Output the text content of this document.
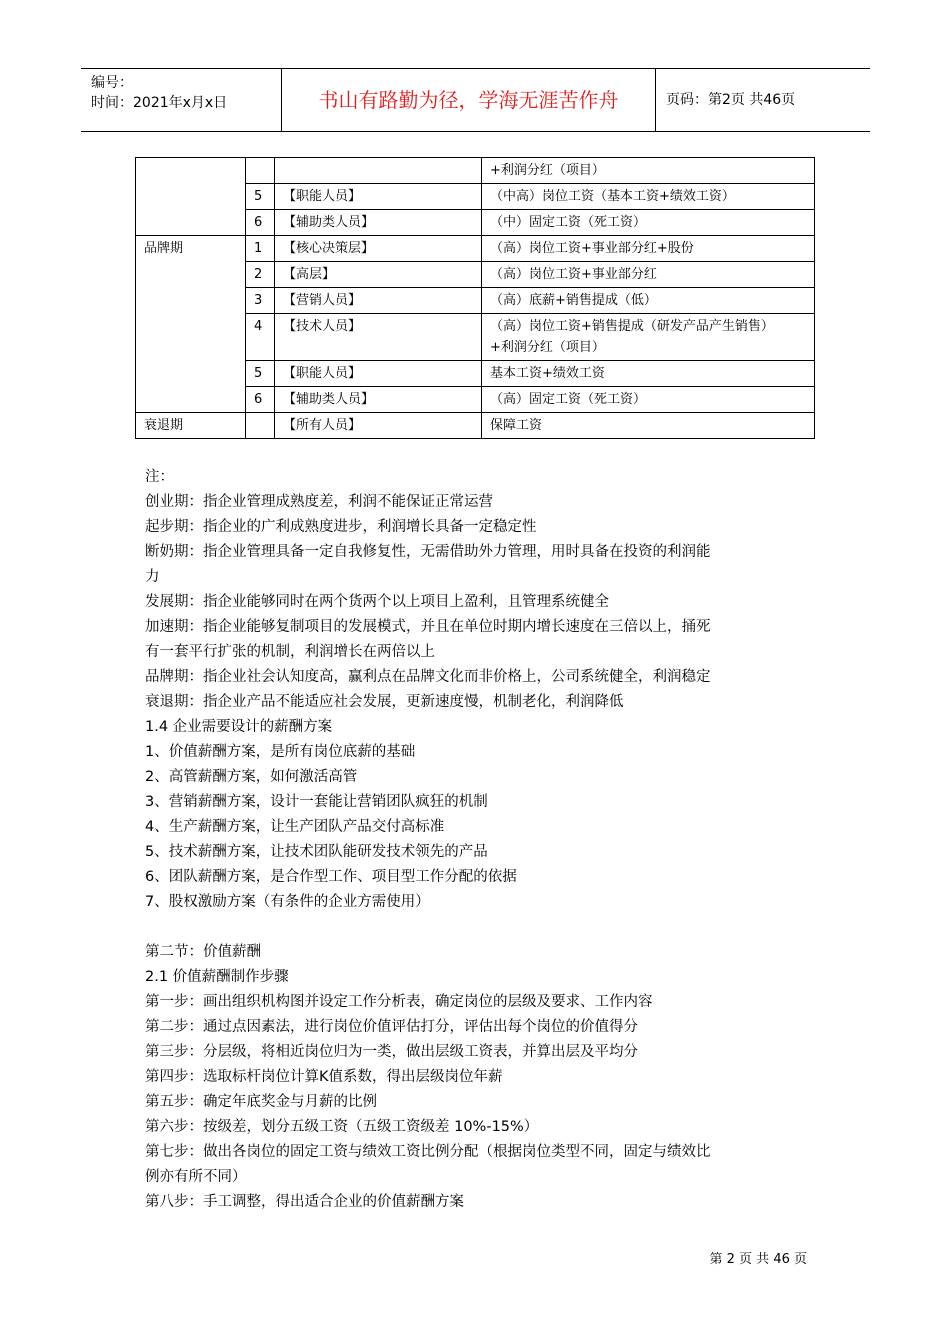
编号：
时间：2021年x月x日	书山有路勤为径，学海无涯苦作舟	页码：第2页 共46页
			+利润分红（项目）
	5	【职能人员】	（中高）岗位工资（基本工资+绩效工资）
	6	【辅助类人员】	（中）固定工资（死工资）
品牌期	1	【核心决策层】	（高）岗位工资+事业部分红+股份
	2	【高层】	（高）岗位工资+事业部分红
	3	【营销人员】	（高）底薪+销售提成（低）
	4	【技术人员】	（高）岗位工资+销售提成（研发产品产生销售）
+利润分红（项目）

	5	【职能人员】	基本工资+绩效工资
	6	【辅助类人员】	（高）固定工资（死工资）
衰退期		【所有人员】	保障工资

注：

创业期：指企业管理成熟度差，利润不能保证正常运营

起步期：指企业的广利成熟度进步，利润增长具备一定稳定性

断奶期：指企业管理具备一定自我修复性，无需借助外力管理，用时具备在投资的利润能

力

发展期：指企业能够同时在两个货两个以上项目上盈利，且管理系统健全

加速期：指企业能够复制项目的发展模式，并且在单位时期内增长速度在三倍以上，捅死

有一套平行扩张的机制，利润增长在两倍以上

品牌期：指企业社会认知度高，赢利点在品牌文化而非价格上，公司系统健全，利润稳定

衰退期：指企业产品不能适应社会发展，更新速度慢，机制老化，利润降低

1.4 企业需要设计的薪酬方案

1、价值薪酬方案，是所有岗位底薪的基础

2、高管薪酬方案，如何激活高管

3、营销薪酬方案，设计一套能让营销团队疯狂的机制

4、生产薪酬方案，让生产团队产品交付高标准

5、技术薪酬方案，让技术团队能研发技术领先的产品

6、团队薪酬方案，是合作型工作、项目型工作分配的依据

7、股权激励方案（有条件的企业方需使用）

第二节：价值薪酬

2.1 价值薪酬制作步骤

第一步：画出组织机构图并设定工作分析表，确定岗位的层级及要求、工作内容

第二步：通过点因素法，进行岗位价值评估打分，评估出每个岗位的价值得分

第三步：分层级，将相近岗位归为一类，做出层级工资表，并算出层及平均分

第四步：选取标杆岗位计算K值系数，得出层级岗位年薪

第五步：确定年底奖金与月薪的比例

第六步：按级差，划分五级工资（五级工资级差 10%-15%）

第七步：做出各岗位的固定工资与绩效工资比例分配（根据岗位类型不同，固定与绩效比

例亦有所不同）

第八步：手工调整，得出适合企业的价值薪酬方案

第 2 页 共 46 页
